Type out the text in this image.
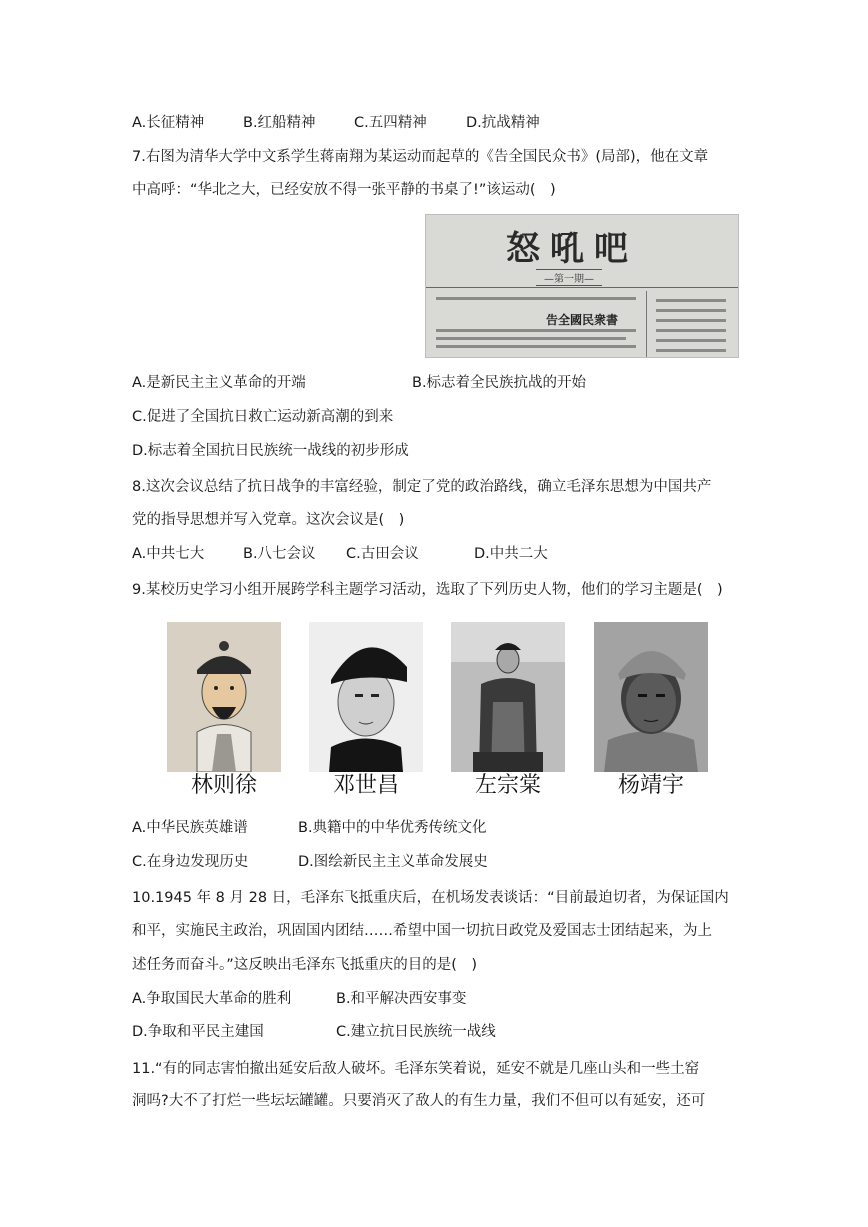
A.长征精神	B.红船精神	C.五四精神	D.抗战精神
7.右图为清华大学中文系学生蒋南翔为某运动而起草的《告全国民众书》(局部)，他在文章
中高呼：“华北之大，已经安放不得一张平静的书桌了!”该运动(　)
怒吼吧
—第一期—
告全國民衆書
A.是新民主主义革命的开端	B.标志着全民族抗战的开始
C.促进了全国抗日救亡运动新高潮的到来
D.标志着全国抗日民族统一战线的初步形成
8.这次会议总结了抗日战争的丰富经验，制定了党的政治路线，确立毛泽东思想为中国共产
党的指导思想并写入党章。这次会议是(　)
A.中共七大	B.八七会议 C.古田会议	D.中共二大
9.某校历史学习小组开展跨学科主题学习活动，选取了下列历史人物，他们的学习主题是(　)
林则徐	邓世昌	左宗棠	杨靖宇
A.中华民族英雄谱	B.典籍中的中华优秀传统文化
C.在身边发现历史	D.图绘新民主主义革命发展史
10.1945 年 8 月 28 日，毛泽东飞抵重庆后，在机场发表谈话：“目前最迫切者，为保证国内
和平，实施民主政治，巩固国内团结……希望中国一切抗日政党及爱国志士团结起来，为上
述任务而奋斗。”这反映出毛泽东飞抵重庆的目的是(　)
A.争取国民大革命的胜利	B.和平解决西安事变
D.争取和平民主建国	C.建立抗日民族统一战线
11.“有的同志害怕撤出延安后敌人破坏。毛泽东笑着说，延安不就是几座山头和一些土窑
洞吗?大不了打烂一些坛坛罐罐。只要消灭了敌人的有生力量，我们不但可以有延安，还可
